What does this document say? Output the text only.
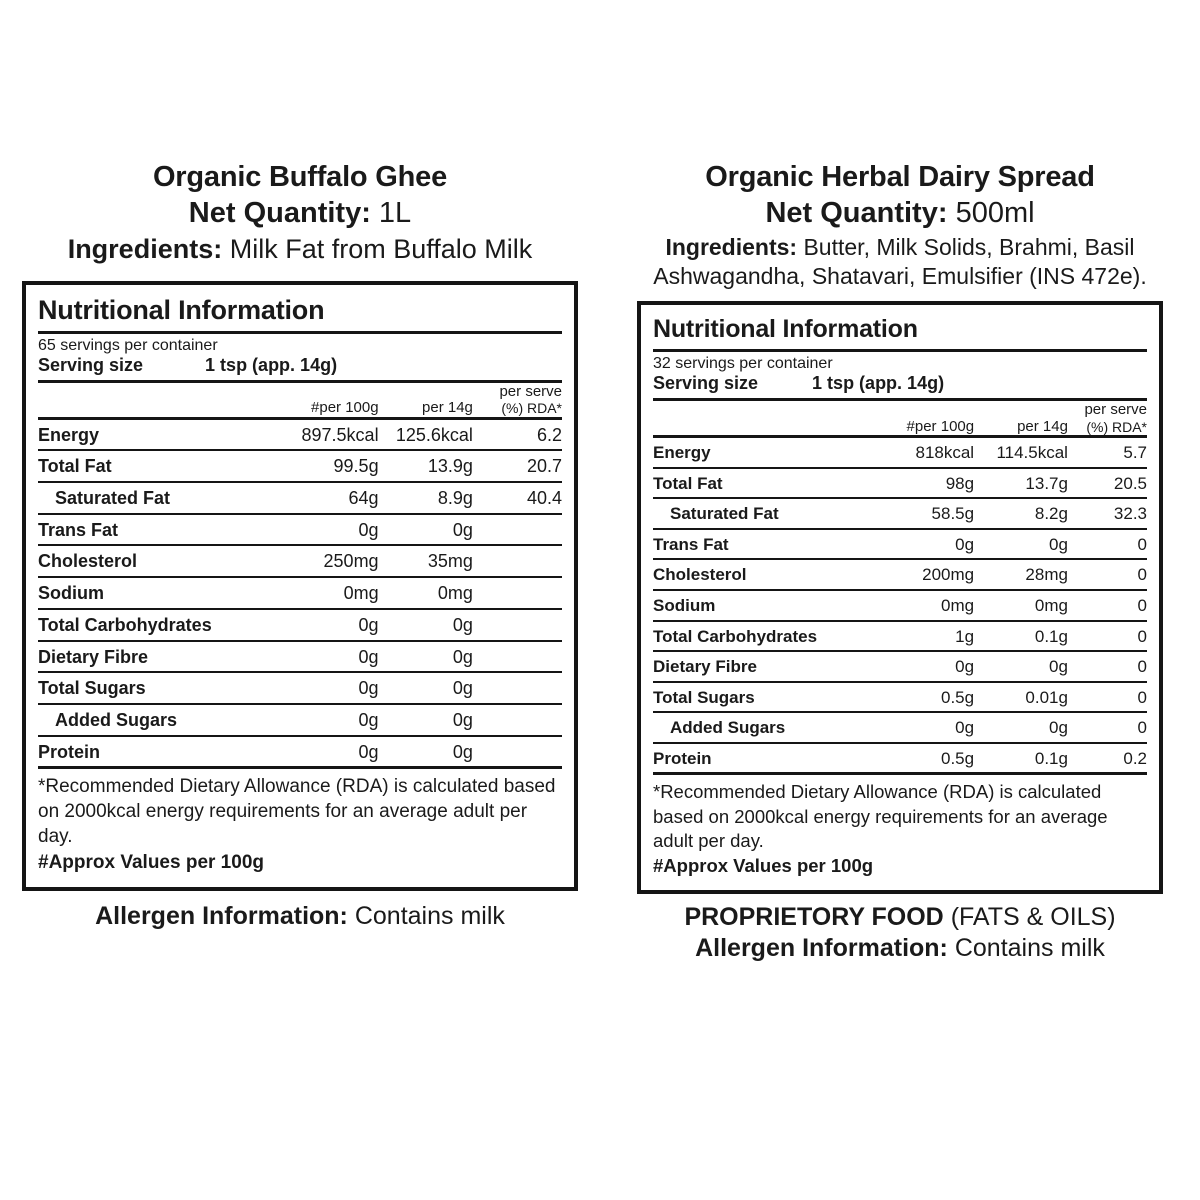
Organic Buffalo Ghee
Net Quantity: 1L
Ingredients: Milk Fat from Buffalo Milk
Nutritional Information
65 servings per container
Serving size	1 tsp (app. 14g)
	#per 100g	per 14g	per serve
(%) RDA*

Energy	897.5kcal	125.6kcal	6.2
Total Fat	99.5g	13.9g	20.7
Saturated Fat	64g	8.9g	40.4
Trans Fat	0g	0g	
Cholesterol	250mg	35mg	
Sodium	0mg	0mg	
Total Carbohydrates	0g	0g	
Dietary Fibre	0g	0g	
Total Sugars	0g	0g	
Added Sugars	0g	0g	
Protein	0g	0g	
*Recommended Dietary Allowance (RDA) is calculated based on 2000kcal energy requirements for an average adult per day.
#Approx Values per 100g
Allergen Information: Contains milk
Organic Herbal Dairy Spread
Net Quantity: 500ml
Ingredients: Butter, Milk Solids, Brahmi, Basil Ashwagandha, Shatavari, Emulsifier (INS 472e).
Nutritional Information
32 servings per container
Serving size	1 tsp (app. 14g)
	#per 100g	per 14g	per serve
(%) RDA*

Energy	818kcal	114.5kcal	5.7
Total Fat	98g	13.7g	20.5
Saturated Fat	58.5g	8.2g	32.3
Trans Fat	0g	0g	0
Cholesterol	200mg	28mg	0
Sodium	0mg	0mg	0
Total Carbohydrates	1g	0.1g	0
Dietary Fibre	0g	0g	0
Total Sugars	0.5g	0.01g	0
Added Sugars	0g	0g	0
Protein	0.5g	0.1g	0.2
*Recommended Dietary Allowance (RDA) is calculated based on 2000kcal energy requirements for an average adult per day.
#Approx Values per 100g
PROPRIETORY FOOD (FATS & OILS)
Allergen Information: Contains milk
